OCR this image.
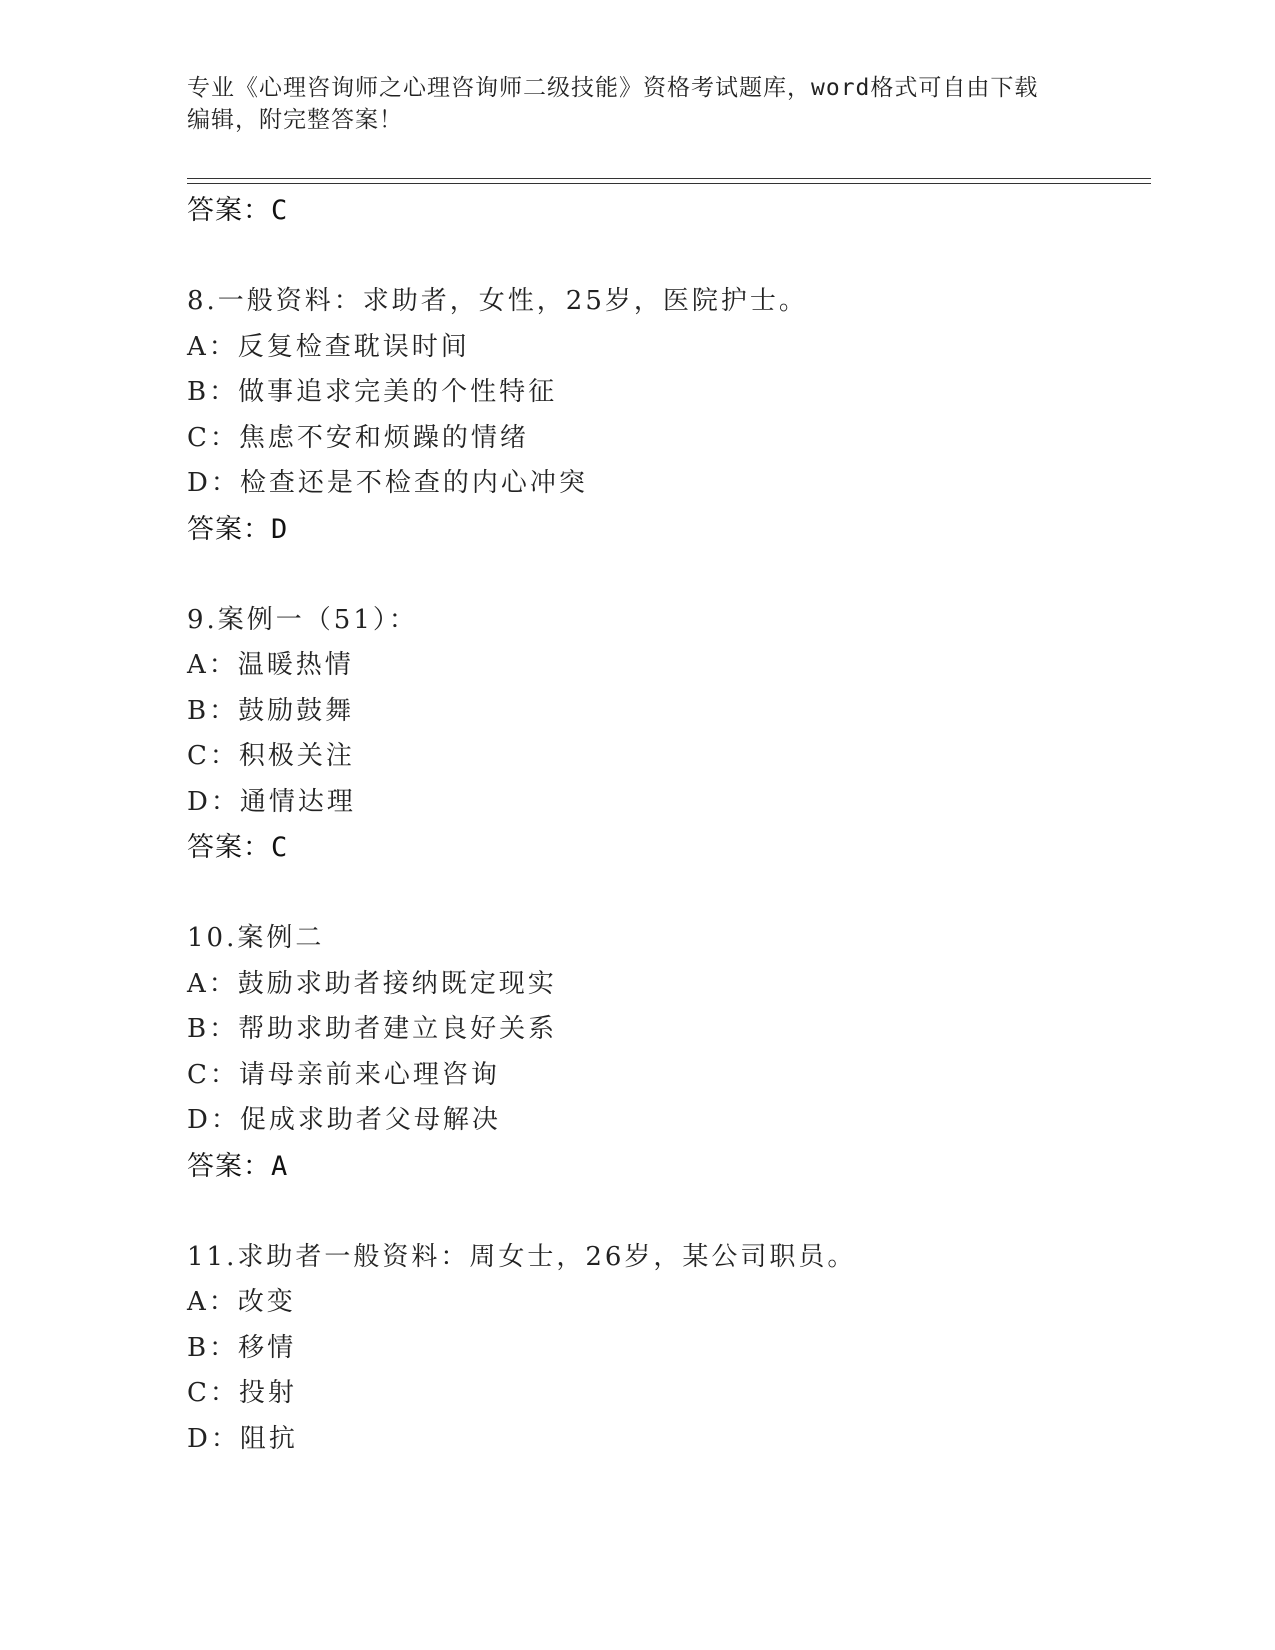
专业《心理咨询师之心理咨询师二级技能》资格考试题库，word格式可自由下载
编辑，附完整答案！
答案：C
8.一般资料：求助者，女性，25岁，医院护士。
A：反复检查耽误时间
B：做事追求完美的个性特征
C：焦虑不安和烦躁的情绪
D：检查还是不检查的内心冲突
答案：D
9.案例一（51）：
A：温暖热情
B：鼓励鼓舞
C：积极关注
D：通情达理
答案：C
10.案例二
A：鼓励求助者接纳既定现实
B：帮助求助者建立良好关系
C：请母亲前来心理咨询
D：促成求助者父母解决
答案：A
11.求助者一般资料：周女士，26岁，某公司职员。
A：改变
B：移情
C：投射
D：阻抗
